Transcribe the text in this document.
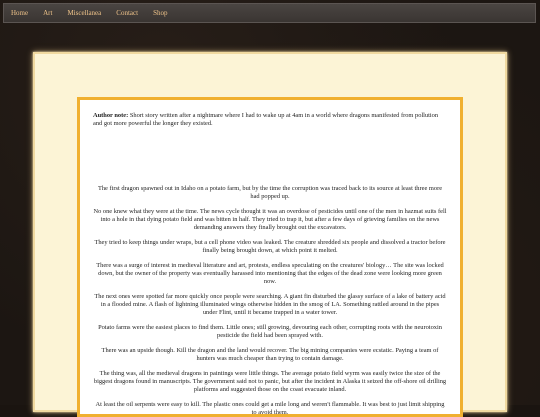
Home Art Miscellanea Contact Shop

Author note: Short story written after a nightmare where I had to wake up at 4am in a world where dragons manifested from pollution and got more powerful the longer they existed.

The first dragon spawned out in Idaho on a potato farm, but by the time the corruption was traced back to its source at least three more had popped up.

No one knew what they were at the time. The news cycle thought it was an overdose of pesticides until one of the men in hazmat suits fell into a hole in that dying potato field and was bitten in half. They tried to trap it, but after a few days of grieving families on the news demanding answers they finally brought out the excavators.

They tried to keep things under wraps, but a cell phone video was leaked. The creature shredded six people and dissolved a tractor before finally being brought down, at which point it melted.

There was a surge of interest in medieval literature and art, protests, endless speculating on the creatures' biology… The site was locked down, but the owner of the property was eventually harassed into mentioning that the edges of the dead zone were looking more green now.

The next ones were spotted far more quickly once people were searching. A giant fin disturbed the glassy surface of a lake of battery acid in a flooded mine. A flash of lightning illuminated wings otherwise hidden in the smog of LA. Something rattled around in the pipes under Flint, until it became trapped in a water tower.

Potato farms were the easiest places to find them. Little ones; still growing, devouring each other, corrupting roots with the neurotoxin pesticide the field had been sprayed with.

There was an upside though. Kill the dragon and the land would recover. The big mining companies were ecstatic. Paying a team of hunters was much cheaper than trying to contain damage.

The thing was, all the medieval dragons in paintings were little things. The average potato field wyrm was easily twice the size of the biggest dragons found in manuscripts. The government said not to panic, but after the incident in Alaska it seized the off-shore oil drilling platforms and suggested those on the coast evacuate inland.

At least the oil serpents were easy to kill. The plastic ones could get a mile long and weren't flammable. It was best to just limit shipping to avoid them.
